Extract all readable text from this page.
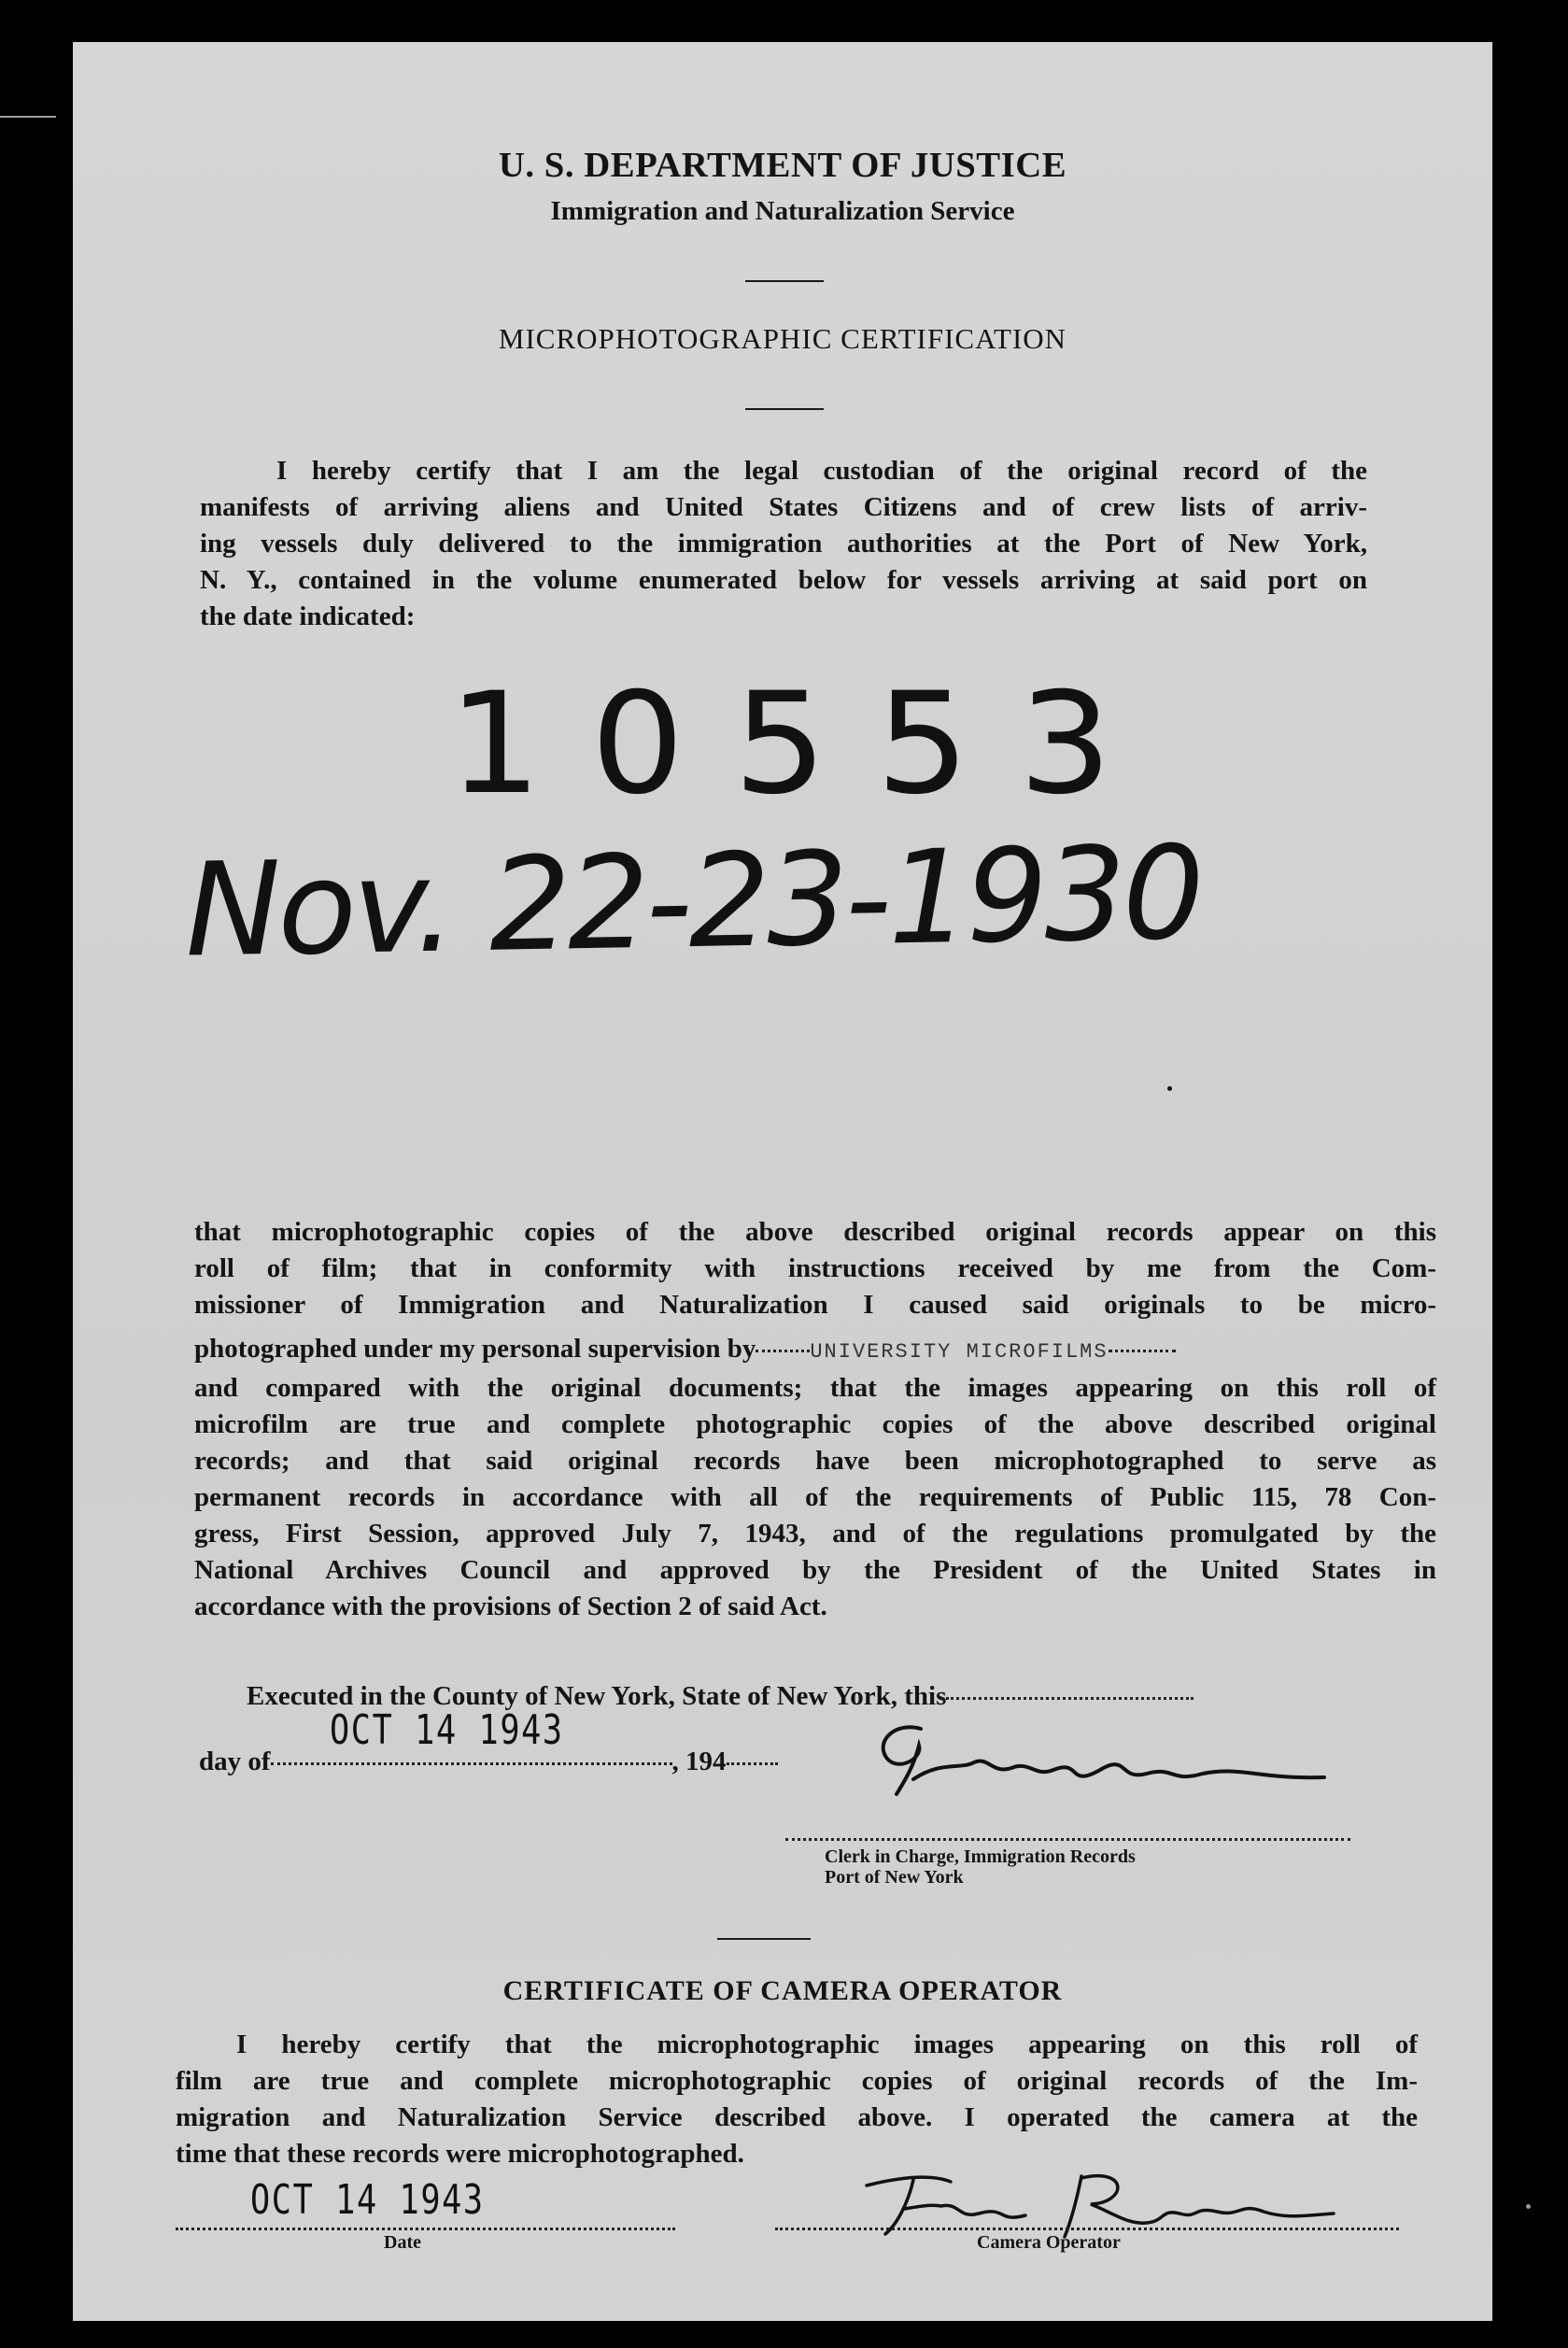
U. S. DEPARTMENT OF JUSTICE
Immigration and Naturalization Service
MICROPHOTOGRAPHIC CERTIFICATION
I hereby certify that I am the legal custodian of the original record of the
manifests of arriving aliens and United States Citizens and of crew lists of arriv-
ing vessels duly delivered to the immigration authorities at the Port of New York,
N. Y., contained in the volume enumerated below for vessels arriving at said port on
the date indicated:
10553
Nov. 22-23-1930
that microphotographic copies of the above described original records appear on this
roll of film; that in conformity with instructions received by me from the Com-
missioner of Immigration and Naturalization I caused said originals to be micro-
photographed under my personal supervision by	UNIVERSITY MICROFILMS
and compared with the original documents; that the images appearing on this roll of
microfilm are true and complete photographic copies of the above described original
records; and that said original records have been microphotographed to serve as
permanent records in accordance with all of the requirements of Public 115, 78 Con-
gress, First Session, approved July 7, 1943, and of the regulations promulgated by the
National Archives Council and approved by the President of the United States in
accordance with the provisions of Section 2 of said Act.
Executed in the County of New York, State of New York, this
OCT 14 1943
day of	, 194
Clerk in Charge, Immigration Records
Port of New York
CERTIFICATE OF CAMERA OPERATOR
I hereby certify that the microphotographic images appearing on this roll of
film are true and complete microphotographic copies of original records of the Im-
migration and Naturalization Service described above. I operated the camera at the
time that these records were microphotographed.
OCT 14 1943
Date	Camera Operator
